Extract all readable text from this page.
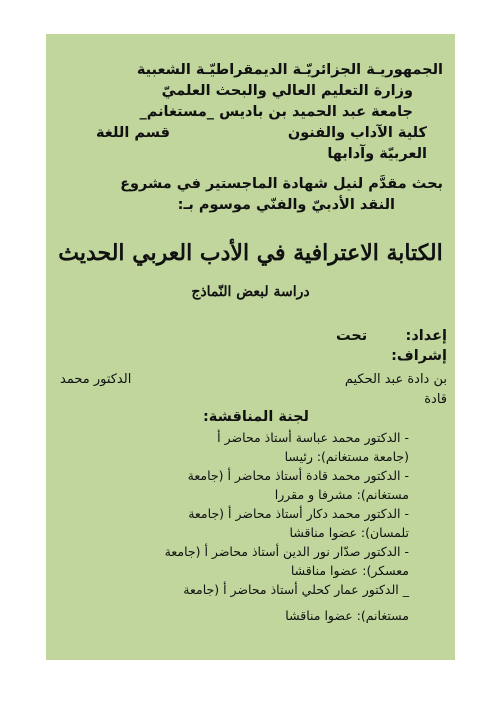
الجمهوريـة الجزائريّـة الديمقراطيّـة الشعبية
وزارة التعليم العالي والبحث العلميّ
جامعة عبد الحميد بن باديس _مستغانم_
كلية الآداب والفنون
قسم اللغة
العربيّة وآدابها
بحث مقدَّم لنيل شهادة الماجستير في مشروع
النقد الأدبيّ والفنّي موسوم بـ:
الكتابة الاعترافية في الأدب العربي الحديث
دراسة لبعض النّماذج
إعداد:
تحت
إشراف:
بن دادة عبد الحكيم
الدكتور محمد
قادة
لجنة المناقشة:
- الدكتور محمد عباسة أستاذ محاضر أ
(جامعة مستغانم): رئيسا
- الدكتور محمد قادة أستاذ محاضر أ (جامعة
مستغانم): مشرفا و مقررا
- الدكتور محمد دكار أستاذ محاضر أ (جامعة
تلمسان): عضوا مناقشا
- الدكتور صدّار نور الدين أستاذ محاضر أ (جامعة
معسكر): عضوا مناقشا
_ الدكتور عمار كحلي أستاذ محاضر أ (جامعة
مستغانم): عضوا مناقشا
